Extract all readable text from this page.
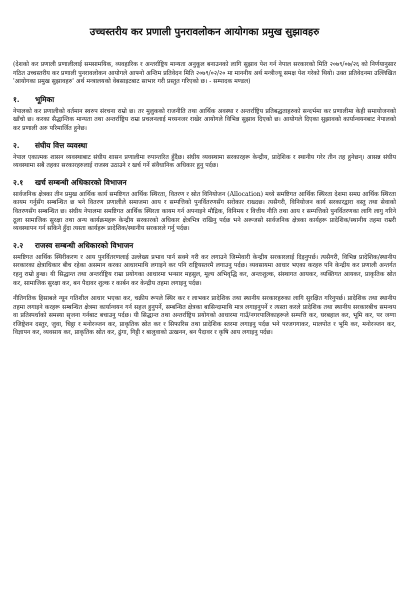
उच्चस्तरीय कर प्रणाली पुनरावलोकन आयोगका प्रमुख सुझावहरु

(देशको कर प्रणाली प्रणालीलाई समसामयिक, व्यवहारिक र अन्तर्राष्ट्रिय मान्यता अनुकूल बनाउनको लागि सुझाव पेश गर्न नेपाल सरकारको मिति २०७९/०७/२६ को निर्णयानुसार गठित उच्चस्तरीय कर प्रणाली पुनरावलोकन आयोगले आफ्नो अन्तिम प्रतिवेदन मिति २०७९/०२/२० मा माननीय अर्थ मन्त्रीज्यू समक्ष पेश गरेको थियो। उक्त प्रतिवेदनमा उल्लिखित 'आयोगका प्रमुख सुझावहरु' अर्थ मन्त्रालयको वेबसाइटबाट साभार गरी प्रस्तुत गरिएको छ। - सम्पादक मण्डल)

१.	भूमिका

नेपालको कर प्रणालीको वर्तमान स्वरुप संरचना राम्रो छ। तर मुलुकको राजनीति तथा आर्थिक अवस्था र अन्तर्राष्ट्रिय प्रतिबद्धताहरुको सन्दर्भमा कर प्रणालीमा केही समायोजनको खाँचो छ। करका सैद्धान्तिक मान्यता तथा अन्तर्राष्ट्रिय राम्रा प्रचलनलाई मध्यनजर राखेर आयोगले विभिन्न सुझाव दिएको छ। आयोगले दिएका सुझावको कार्यान्वयनबाट नेपालको कर प्रणाली अरु परिमार्जित हुनेछ।

२.	संघीय वित्त व्यवस्था

नेपाल एकात्मक शासन व्यवस्थाबाट संघीय शासन प्रणालीमा रुपान्तरित हुँदैछ। संघीय व्यवस्थामा सरकारहरू केन्द्रीय, प्रादेशिक र स्थानीय गरेर तीन तह हुनेछन्। आसन्न संघीय व्यवस्थामा सबै तहका सरकारहरुलाई राजस्व उठाउने र खर्च गर्ने संवैधानिक अधिकार हुनु पर्दछ।

२.१	खर्च सम्बन्धी अधिकारको विभाजन

सार्वजनिक क्षेत्रका तीन प्रमुख आर्थिक कार्य समष्टिगत आर्थिक स्थिरता, वितरण र स्रोत विनियोजन (Allocation) मध्ये समष्टिगत आर्थिक स्थिरता देशमा समग्र आर्थिक स्थिरता कायम गर्नुसँग सम्बन्धित छ भने वितरण प्रणालीले समाजमा आय र सम्पत्तिको पुनर्वितरणसँग सरोकार राख्दछ। त्यसैगरी, विनियोजन कार्य सरकारद्वारा वस्तु तथा सेवाको वितरणसँग सम्बन्धित छ। संघीय नेपालमा समष्टिगत आर्थिक स्थिरता कायम गर्न अपनाइने मौद्रिक, विनिमय र वित्तीय नीति तथा आय र सम्पत्तिको पुनर्वितरणका लागि लागु गरिने ठूला सामाजिक सुरक्षा तथा अन्य कार्यक्रमहरू केन्द्रीय सरकारको अधिकार क्षेत्रभित्र राखिनु पर्दछ भने अरूजसो सार्वजनिक क्षेत्रका कार्यहरू प्रादेशिक/स्थानीय तहमा राम्ररी व्यवस्थापन गर्न सकिने हुँदा त्यस्ता कार्यहरू प्रादेशिक/स्थानीय सरकारले गर्नु पर्दछ।

२.२	राजस्व सम्बन्धी अधिकारको विभाजन

समष्टिगत आर्थिक स्थिरीकरण र आय पुनर्वितरणलाई उल्लेख्य प्रभाव पार्न सक्ने गरी कर लगाउने जिम्मेवारी केन्द्रीय सरकारलाई दिइनुपर्छ। त्यसैगरी, विभिन्न प्रादेशिक/स्थानीय सरकारका क्षेत्राधिकार बीच रहेका असमान करका आधारमाथि लगाइने कर पनि राष्ट्रियस्तरमै लगाउनु पर्दछ। व्यवसायमा आधार भएका करहरु पनि केन्द्रीय कर प्रणाली अन्तर्गत रहनु राम्रो हुन्छ। यी सिद्धान्त तथा अन्तर्राष्ट्रिय राम्रा प्रयोगका आधारमा भन्सार महसुल, मूल्य अभिवृद्धि कर, अन्तःशुल्क, संस्थागत आयकर, व्यक्तिगत आयकर, प्राकृतिक स्रोत कर, सामाजिक सुरक्षा कर, बन पैदावर शुल्क र कार्बन कर केन्द्रीय तहमा लगाइनु पर्दछ।

नीतिगतिक हिसाबले न्यून गतिशील आधार भएका कर, चक्रीय रूपले स्थिर कर र लाभकर प्रादेशिक तथा स्थानीय सरकारहरुका लागि सुरक्षित गरिनुपर्छ। प्रादेशिक तथा स्थानीय तहमा लगाइने करहरू सम्बन्धित क्षेत्रमा कार्यान्वयन गर्न सहज हुनुपर्ने, सम्बन्धित क्षेत्रका बासिन्दामाथि मात्र लगाइनुपर्ने र त्यस्ता करले प्रादेशिक तथा स्थानीय सरकारबीच समन्वय वा प्रतिस्पर्धाको समस्या सृजना गर्नबाट बचाउनु पर्दछ। यी सिद्धान्त तथा अन्तर्राष्ट्रिय प्रयोगको आधारमा गाउँ/नगरपालिकाहरूले सम्पत्ति कर, घरबहाल कर, भूमि कर, पर जग्गा रजिष्ट्रेशन दस्तुर, जुवा, चिट्ठा र मनोरञ्जन कर, प्राकृतिक स्रोत कर र सिफारिस तथा प्रादेशिक स्तरमा लगाइनु पर्दछ भने परजगगाकर, मालपोत र भूमि कर, मनोरञ्जन कर, विज्ञापन कर, व्यवसाय कर, प्राकृतिक स्रोत कर, ढुंगा, गिट्टी र बालुवाको उत्खनन, बन पैदावर र कृषि आय लगाइनु पर्दछ।
